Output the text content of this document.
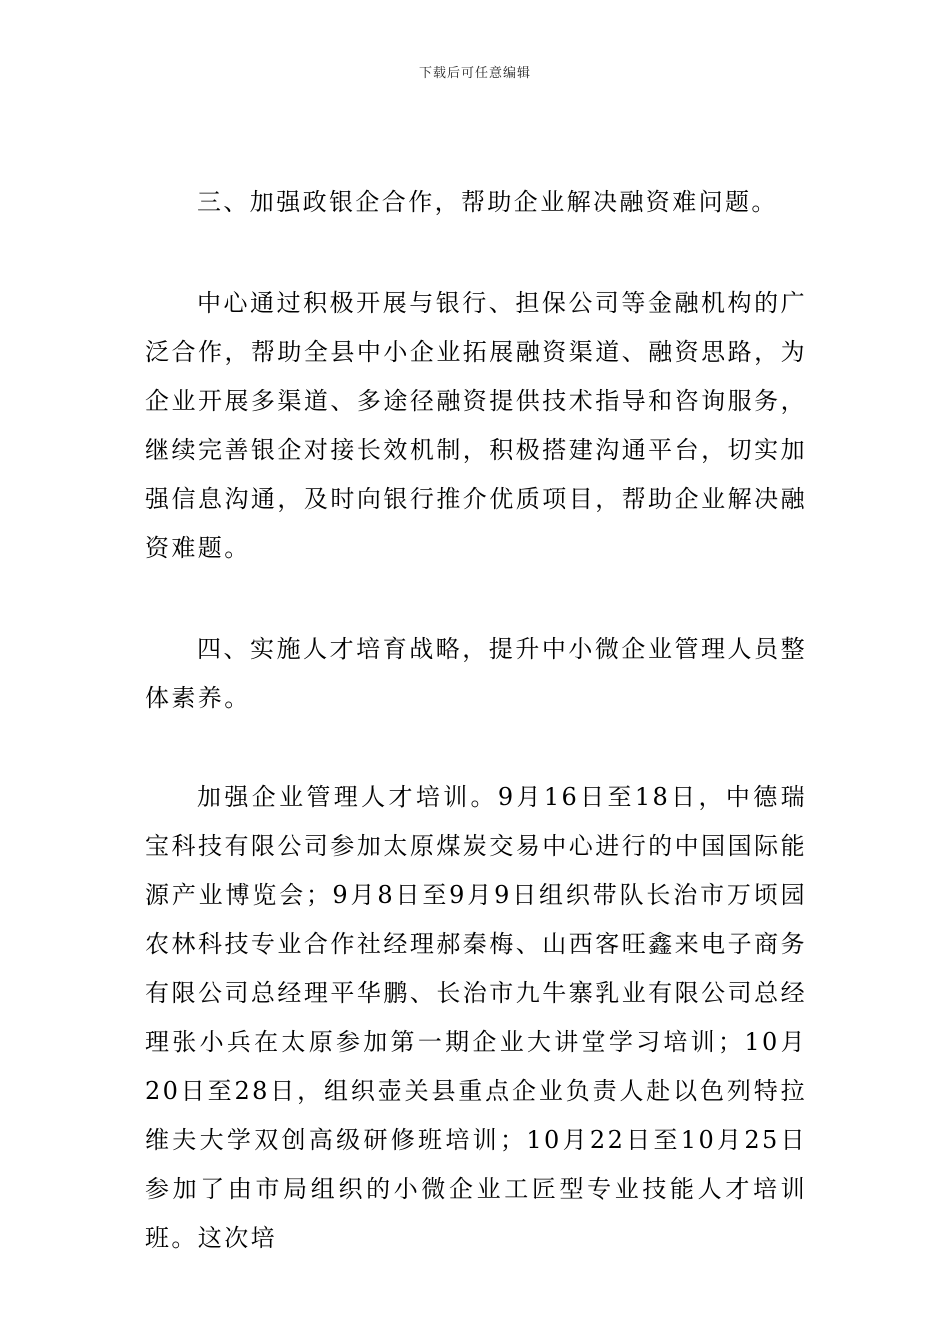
下载后可任意编辑

三、加强政银企合作，帮助企业解决融资难问题。

中心通过积极开展与银行、担保公司等金融机构的广泛合作，帮助全县中小企业拓展融资渠道、融资思路，为企业开展多渠道、多途径融资提供技术指导和咨询服务，继续完善银企对接长效机制，积极搭建沟通平台，切实加强信息沟通，及时向银行推介优质项目，帮助企业解决融资难题。

四、实施人才培育战略，提升中小微企业管理人员整体素养。

加强企业管理人才培训。9月16日至18日，中德瑞宝科技有限公司参加太原煤炭交易中心进行的中国国际能源产业博览会；9月8日至9月9日组织带队长治市万顷园农林科技专业合作社经理郝秦梅、山西客旺鑫来电子商务有限公司总经理平华鹏、长治市九牛寨乳业有限公司总经理张小兵在太原参加第一期企业大讲堂学习培训；10月20日至28日，组织壶关县重点企业负责人赴以色列特拉维夫大学双创高级研修班培训；10月22日至10月25日参加了由市局组织的小微企业工匠型专业技能人才培训班。这次培
